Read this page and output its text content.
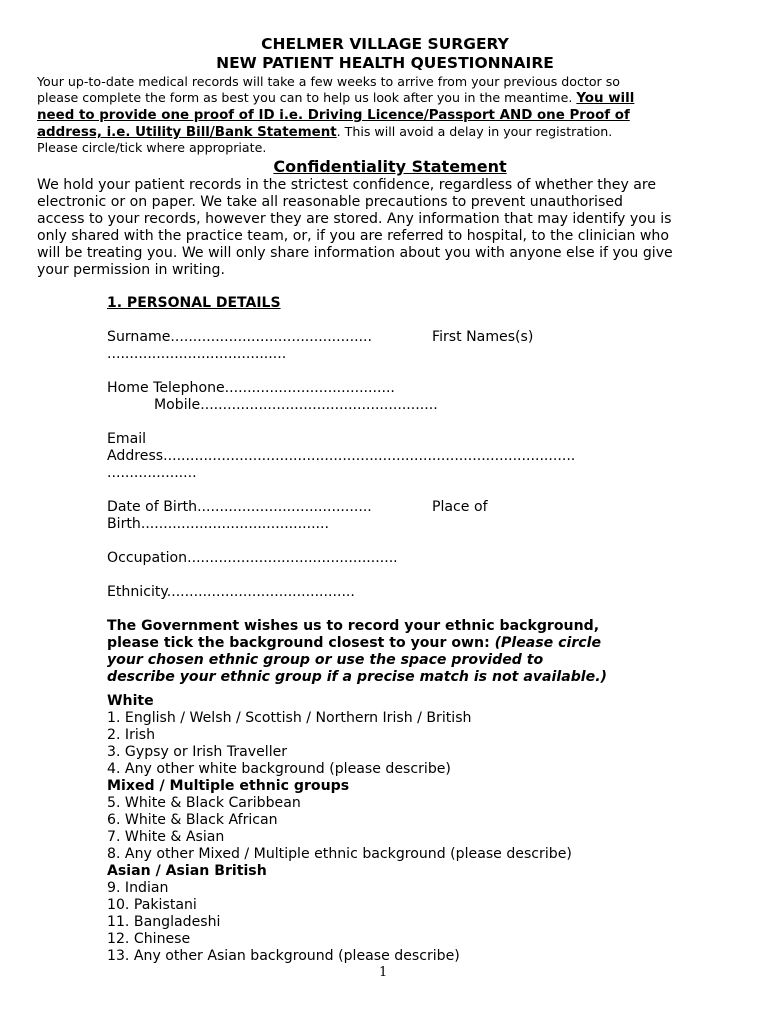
CHELMER VILLAGE SURGERY
NEW PATIENT HEALTH QUESTIONNAIRE
Your up-to-date medical records will take a few weeks to arrive from your previous doctor so
please complete the form as best you can to help us look after you in the meantime. You will
need to provide one proof of ID i.e. Driving Licence/Passport AND one Proof of
address, i.e. Utility Bill/Bank Statement. This will avoid a delay in your registration.
Please circle/tick where appropriate.
Confidentiality Statement
We hold your patient records in the strictest confidence, regardless of whether they are
electronic or on paper. We take all reasonable precautions to prevent unauthorised
access to your records, however they are stored. Any information that may identify you is
only shared with the practice team, or, if you are referred to hospital, to the clinician who
will be treating you. We will only share information about you with anyone else if you give
your permission in writing.
1. PERSONAL DETAILS
Surname.............................................	First Names(s)
........................................
Home Telephone......................................
Mobile.....................................................
Email
Address............................................................................................
....................
Date of Birth.......................................	Place of
Birth..........................................
Occupation...............................................
Ethnicity..........................................
The Government wishes us to record your ethnic background,
please tick the background closest to your own: (Please circle
your chosen ethnic group or use the space provided to
describe your ethnic group if a precise match is not available.)
White
1. English / Welsh / Scottish / Northern Irish / British
2. Irish
3. Gypsy or Irish Traveller
4. Any other white background (please describe)
Mixed / Multiple ethnic groups
5. White & Black Caribbean
6. White & Black African
7. White & Asian
8. Any other Mixed / Multiple ethnic background (please describe)
Asian / Asian British
9. Indian
10. Pakistani
11. Bangladeshi
12. Chinese
13. Any other Asian background (please describe)
1
